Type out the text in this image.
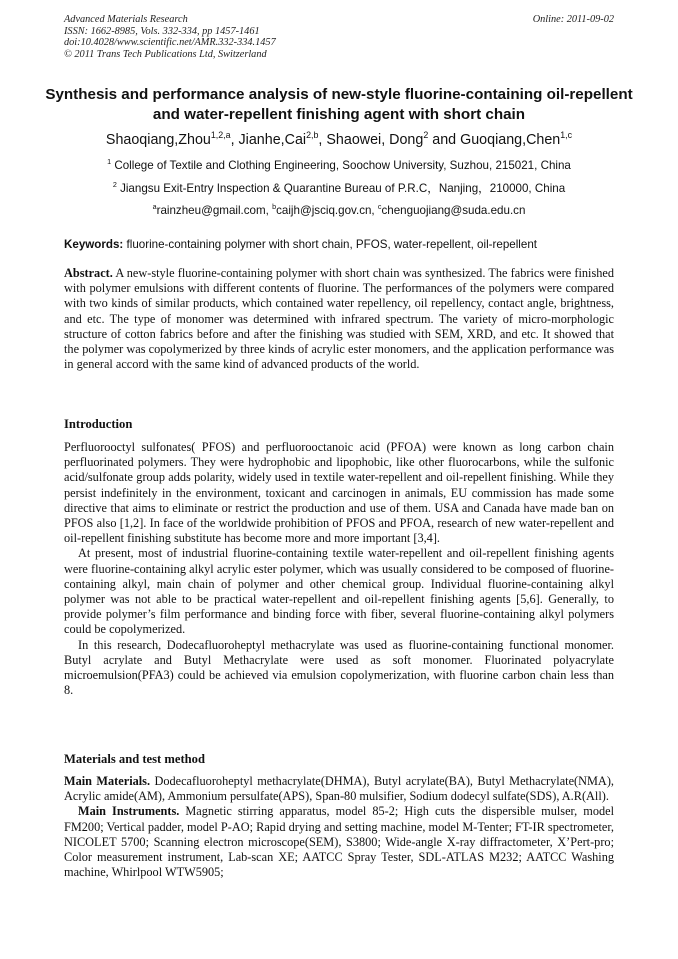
Advanced Materials Research
ISSN: 1662-8985, Vols. 332-334, pp 1457-1461
doi:10.4028/www.scientific.net/AMR.332-334.1457
© 2011 Trans Tech Publications Ltd, Switzerland
Online: 2011-09-02
Synthesis and performance analysis of new-style fluorine-containing oil-repellent and water-repellent finishing agent with short chain
Shaoqiang,Zhou$^{1,2,a}$, Jianhe,Cai$^{2,b}$, Shaowei, Dong$^2$ and Guoqiang,Chen$^{1,c}$
$^1$ College of Textile and Clothing Engineering, Soochow University, Suzhou, 215021, China
$^2$ Jiangsu Exit-Entry Inspection & Quarantine Bureau of P.R.C，Nanjing，210000, China
$^a$rainzheu@gmail.com, $^b$caijh@jsciq.gov.cn, $^c$chenguojiang@suda.edu.cn
Keywords: fluorine-containing polymer with short chain, PFOS, water-repellent, oil-repellent

Abstract. A new-style fluorine-containing polymer with short chain was synthesized. The fabrics were finished with polymer emulsions with different contents of fluorine. The performances of the polymers were compared with two kinds of similar products, which contained water repellency, oil repellency, contact angle, brightness, and etc. The type of monomer was determined with infrared spectrum. The variety of micro-morphologic structure of cotton fabrics before and after the finishing was studied with SEM, XRD, and etc. It showed that the polymer was copolymerized by three kinds of acrylic ester monomers, and the application performance was in general accord with the same kind of advanced products of the world.

Introduction

Perfluorooctyl sulfonates( PFOS) and perfluorooctanoic acid (PFOA) were known as long carbon chain perfluorinated polymers. They were hydrophobic and lipophobic, like other fluorocarbons, while the sulfonic acid/sulfonate group adds polarity, widely used in textile water-repellent and oil-repellent finishing. While they persist indefinitely in the environment, toxicant and carcinogen in animals, EU commission has made some directive that aims to eliminate or restrict the production and use of them. USA and Canada have made ban on PFOS also [1,2]. In face of the worldwide prohibition of PFOS and PFOA, research of new water-repellent and oil-repellent finishing substitute has become more and more important [3,4].

At present, most of industrial fluorine-containing textile water-repellent and oil-repellent finishing agents were fluorine-containing alkyl acrylic ester polymer, which was usually considered to be composed of fluorine-containing alkyl, main chain of polymer and other chemical group. Individual fluorine-containing alkyl polymer was not able to be practical water-repellent and oil-repellent finishing agents [5,6]. Generally, to provide polymer’s film performance and binding force with fiber, several fluorine-containing alkyl polymers could be copolymerized.

In this research, Dodecafluoroheptyl methacrylate was used as fluorine-containing functional monomer. Butyl acrylate and Butyl Methacrylate were used as soft monomer. Fluorinated polyacrylate microemulsion(PFA3) could be achieved via emulsion copolymerization, with fluorine carbon chain less than 8.

Materials and test method

Main Materials. Dodecafluoroheptyl methacrylate(DHMA), Butyl acrylate(BA), Butyl Methacrylate(NMA), Acrylic amide(AM), Ammonium persulfate(APS), Span-80 mulsifier, Sodium dodecyl sulfate(SDS), A.R(All).

Main Instruments. Magnetic stirring apparatus, model 85-2; High cuts the dispersible mulser, model FM200; Vertical padder, model P-AO; Rapid drying and setting machine, model M-Tenter; FT-IR spectrometer, NICOLET 5700; Scanning electron microscope(SEM), S3800; Wide-angle X-ray diffractometer, X’Pert-pro; Color measurement instrument, Lab-scan XE; AATCC Spray Tester, SDL-ATLAS M232; AATCC Washing machine, Whirlpool WTW5905;
